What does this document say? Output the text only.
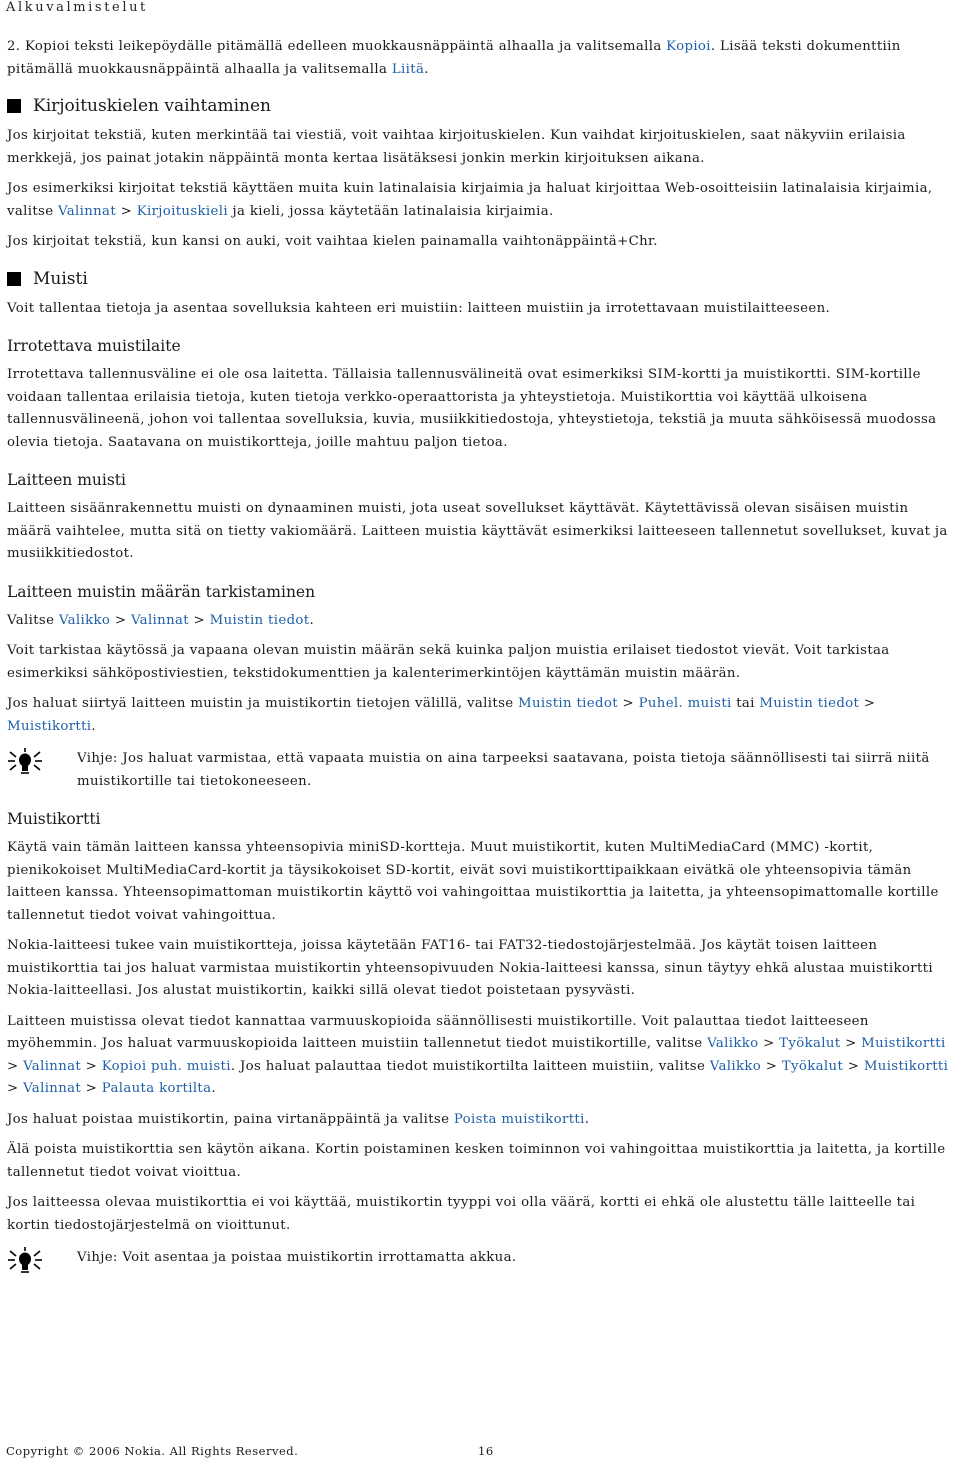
Alkuvalmistelut

2. Kopioi teksti leikepöydälle pitämällä edelleen muokkausnäppäintä alhaalla ja valitsemalla Kopioi. Lisää teksti dokumenttiin pitämällä muokkausnäppäintä alhaalla ja valitsemalla Liitä.

Kirjoituskielen vaihtaminen

Jos kirjoitat tekstiä, kuten merkintää tai viestiä, voit vaihtaa kirjoituskielen. Kun vaihdat kirjoituskielen, saat näkyviin erilaisia merkkejä, jos painat jotakin näppäintä monta kertaa lisätäksesi jonkin merkin kirjoituksen aikana.

Jos esimerkiksi kirjoitat tekstiä käyttäen muita kuin latinalaisia kirjaimia ja haluat kirjoittaa Web-osoitteisiin latinalaisia kirjaimia, valitse Valinnat > Kirjoituskieli ja kieli, jossa käytetään latinalaisia kirjaimia.

Jos kirjoitat tekstiä, kun kansi on auki, voit vaihtaa kielen painamalla vaihtonäppäintä+Chr.

Muisti

Voit tallentaa tietoja ja asentaa sovelluksia kahteen eri muistiin: laitteen muistiin ja irrotettavaan muistilaitteeseen.

Irrotettava muistilaite

Irrotettava tallennusväline ei ole osa laitetta. Tällaisia tallennusvälineitä ovat esimerkiksi SIM-kortti ja muistikortti. SIM-kortille voidaan tallentaa erilaisia tietoja, kuten tietoja verkko-operaattorista ja yhteystietoja. Muistikorttia voi käyttää ulkoisena tallennusvälineenä, johon voi tallentaa sovelluksia, kuvia, musiikkitiedostoja, yhteystietoja, tekstiä ja muuta sähköisessä muodossa olevia tietoja. Saatavana on muistikortteja, joille mahtuu paljon tietoa.

Laitteen muisti

Laitteen sisäänrakennettu muisti on dynaaminen muisti, jota useat sovellukset käyttävät. Käytettävissä olevan sisäisen muistin määrä vaihtelee, mutta sitä on tietty vakiomäärä. Laitteen muistia käyttävät esimerkiksi laitteeseen tallennetut sovellukset, kuvat ja musiikkitiedostot.

Laitteen muistin määrän tarkistaminen

Valitse Valikko > Valinnat > Muistin tiedot.

Voit tarkistaa käytössä ja vapaana olevan muistin määrän sekä kuinka paljon muistia erilaiset tiedostot vievät. Voit tarkistaa esimerkiksi sähköpostiviestien, tekstidokumenttien ja kalenterimerkintöjen käyttämän muistin määrän.

Jos haluat siirtyä laitteen muistin ja muistikortin tietojen välillä, valitse Muistin tiedot > Puhel. muisti tai Muistin tiedot > Muistikortti.

Vihje: Jos haluat varmistaa, että vapaata muistia on aina tarpeeksi saatavana, poista tietoja säännöllisesti tai siirrä niitä muistikortille tai tietokoneeseen.
Muistikortti

Käytä vain tämän laitteen kanssa yhteensopivia miniSD-kortteja. Muut muistikortit, kuten MultiMediaCard (MMC) -kortit, pienikokoiset MultiMediaCard-kortit ja täysikokoiset SD-kortit, eivät sovi muistikorttipaikkaan eivätkä ole yhteensopivia tämän laitteen kanssa. Yhteensopimattoman muistikortin käyttö voi vahingoittaa muistikorttia ja laitetta, ja yhteensopimattomalle kortille tallennetut tiedot voivat vahingoittua.

Nokia-laitteesi tukee vain muistikortteja, joissa käytetään FAT16- tai FAT32-tiedostojärjestelmää. Jos käytät toisen laitteen muistikorttia tai jos haluat varmistaa muistikortin yhteensopivuuden Nokia-laitteesi kanssa, sinun täytyy ehkä alustaa muistikortti Nokia-laitteellasi. Jos alustat muistikortin, kaikki sillä olevat tiedot poistetaan pysyvästi.

Laitteen muistissa olevat tiedot kannattaa varmuuskopioida säännöllisesti muistikortille. Voit palauttaa tiedot laitteeseen myöhemmin. Jos haluat varmuuskopioida laitteen muistiin tallennetut tiedot muistikortille, valitse Valikko > Työkalut > Muistikortti > Valinnat > Kopioi puh. muisti. Jos haluat palauttaa tiedot muistikortilta laitteen muistiin, valitse Valikko > Työkalut > Muistikortti > Valinnat > Palauta kortilta.

Jos haluat poistaa muistikortin, paina virtanäppäintä ja valitse Poista muistikortti.

Älä poista muistikorttia sen käytön aikana. Kortin poistaminen kesken toiminnon voi vahingoittaa muistikorttia ja laitetta, ja kortille tallennetut tiedot voivat vioittua.

Jos laitteessa olevaa muistikorttia ei voi käyttää, muistikortin tyyppi voi olla väärä, kortti ei ehkä ole alustettu tälle laitteelle tai kortin tiedostojärjestelmä on vioittunut.

Vihje: Voit asentaa ja poistaa muistikortin irrottamatta akkua.
Copyright © 2006 Nokia. All Rights Reserved.	16
